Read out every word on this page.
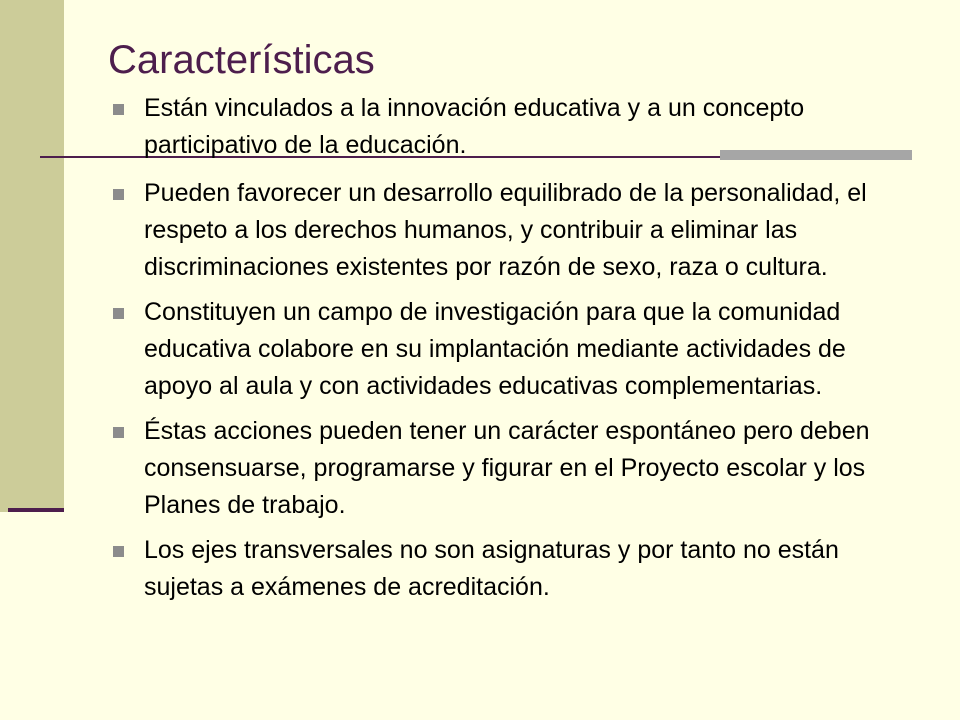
Características
Están vinculados a la innovación educativa y a un concepto participativo de la educación.
Pueden favorecer un desarrollo equilibrado de la personalidad, el respeto a los derechos humanos, y contribuir a eliminar las discriminaciones existentes por razón de sexo, raza o cultura.
Constituyen un campo de investigación para que la comunidad educativa colabore en su implantación mediante actividades de apoyo al aula y con actividades educativas complementarias.
Éstas acciones pueden tener un carácter espontáneo pero deben consensuarse, programarse y figurar en el Proyecto escolar y los Planes de trabajo.
Los ejes transversales no son asignaturas y por tanto no están sujetas a exámenes de acreditación.
